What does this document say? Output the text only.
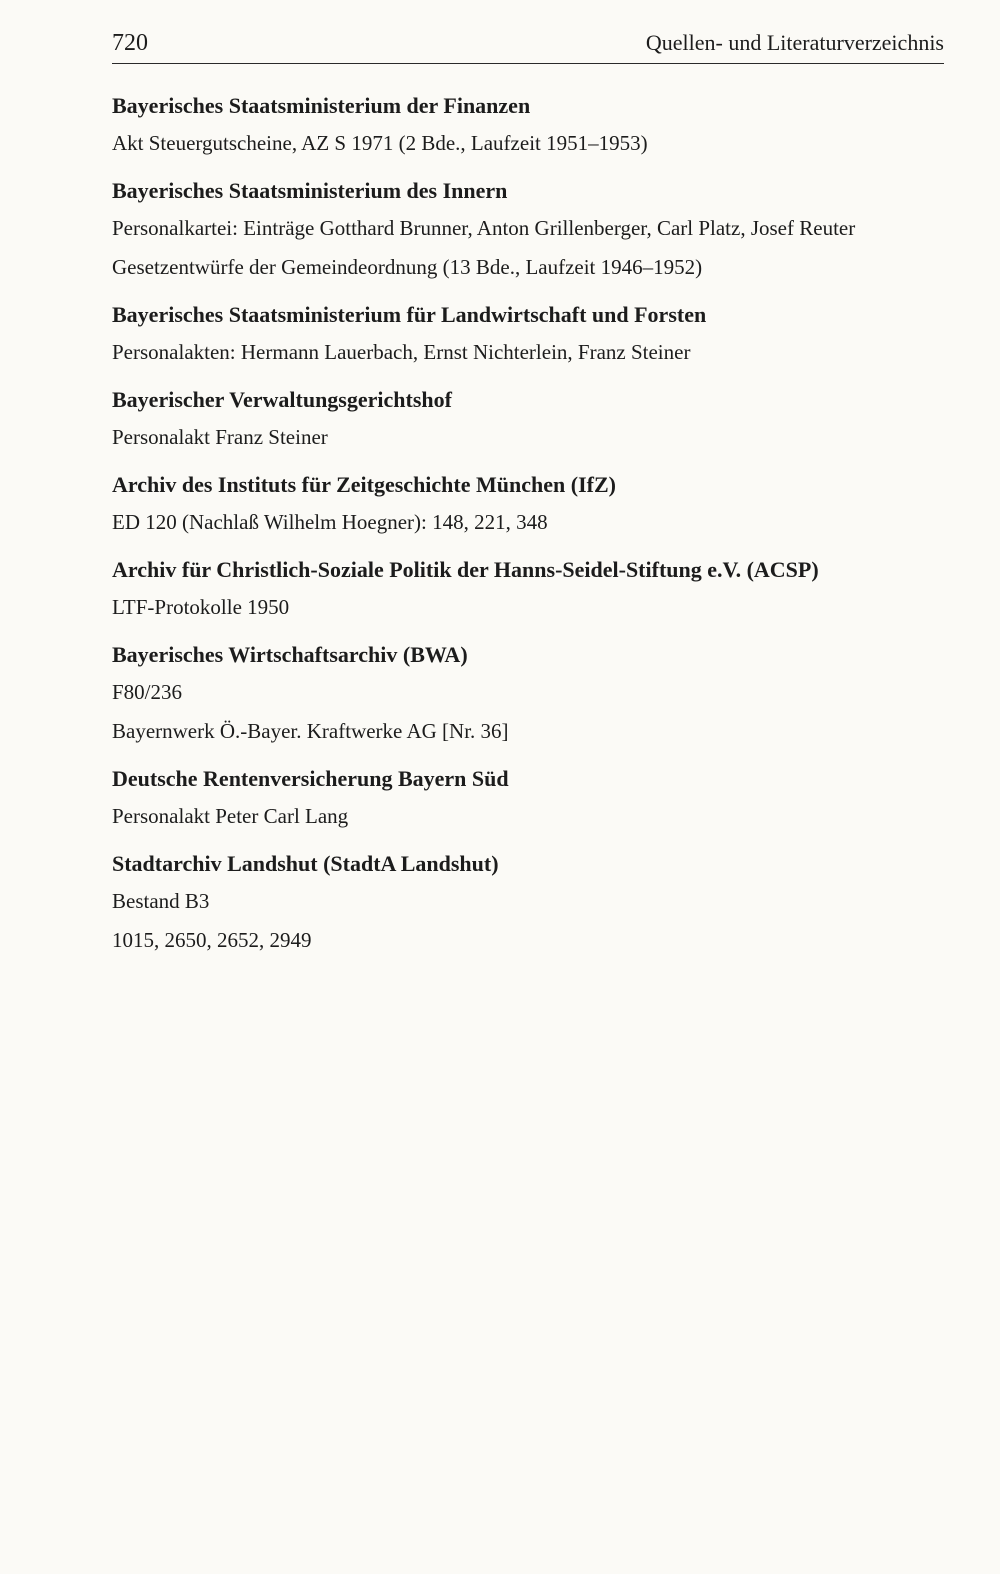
720	Quellen- und Literaturverzeichnis
Bayerisches Staatsministerium der Finanzen
Akt Steuergutscheine, AZ S 1971 (2 Bde., Laufzeit 1951–1953)
Bayerisches Staatsministerium des Innern
Personalkartei: Einträge Gotthard Brunner, Anton Grillenberger, Carl Platz, Josef Reuter
Gesetzentwürfe der Gemeindeordnung (13 Bde., Laufzeit 1946–1952)
Bayerisches Staatsministerium für Landwirtschaft und Forsten
Personalakten: Hermann Lauerbach, Ernst Nichterlein, Franz Steiner
Bayerischer Verwaltungsgerichtshof
Personalakt Franz Steiner
Archiv des Instituts für Zeitgeschichte München (IfZ)
ED 120 (Nachlaß Wilhelm Hoegner): 148, 221, 348
Archiv für Christlich-Soziale Politik der Hanns-Seidel-Stiftung e.V. (ACSP)
LTF-Protokolle 1950
Bayerisches Wirtschaftsarchiv (BWA)
F80/236
Bayernwerk Ö.-Bayer. Kraftwerke AG [Nr. 36]
Deutsche Rentenversicherung Bayern Süd
Personalakt Peter Carl Lang
Stadtarchiv Landshut (StadtA Landshut)
Bestand B3
1015, 2650, 2652, 2949
